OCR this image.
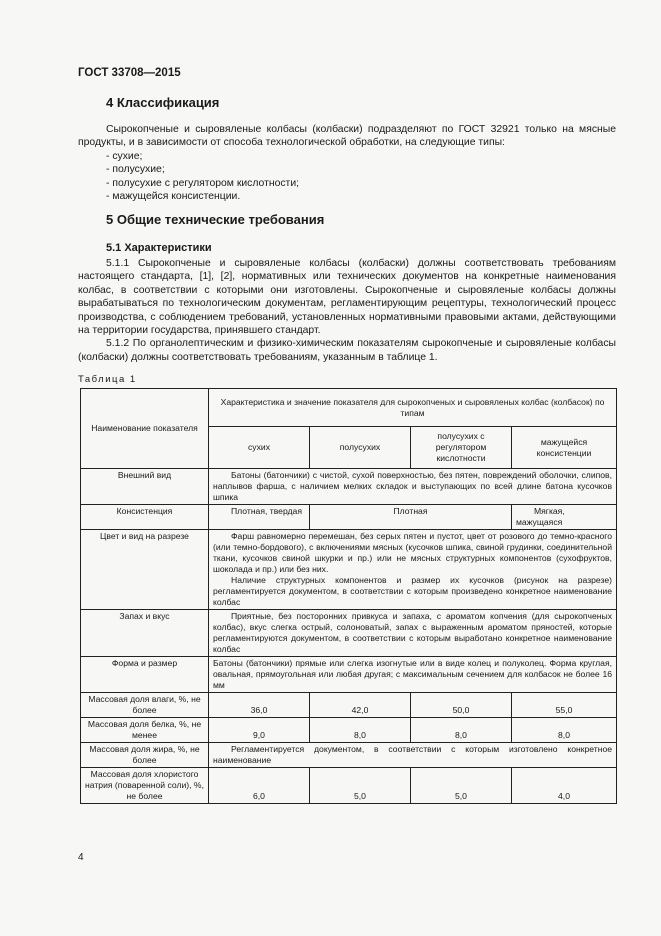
ГОСТ 33708—2015
4 Классификация

Сырокопченые и сыровяленые колбасы (колбаски) подразделяют по ГОСТ 32921 только на мясные продукты, и в зависимости от способа технологической обработки, на следующие типы:

- сухие;
- полусухие;
- полусухие с регулятором кислотности;
- мажущейся консистенции.
5 Общие технические требования
5.1 Характеристики

5.1.1 Сырокопченые и сыровяленые колбасы (колбаски) должны соответствовать требованиям настоящего стандарта, [1], [2], нормативных или технических документов на конкретные наименования колбас, в соответствии с которыми они изготовлены. Сырокопченые и сыровяленые колбасы должны вырабатываться по технологическим документам, регламентирующим рецептуры, технологический процесс производства, с соблюдением требований, установленных нормативными правовыми актами, действующими на территории государства, принявшего стандарт.

5.1.2 По органолептическим и физико-химическим показателям сырокопченые и сыровяленые колбасы (колбаски) должны соответствовать требованиям, указанным в таблице 1.

Таблица 1
Наименование показателя	Характеристика и значение показателя для сырокопченых и сыровяленых колбас (колбасок) по типам			
	сухих	полусухих	полусухих с регулятором кислотности	мажущейся консистенции
Внешний вид	Батоны (батончики) с чистой, сухой поверхностью, без пятен, повреждений оболочки, слипов, наплывов фарша, с наличием мелких складок и выступающих по всей длине батона кусочков шпика			
Консистенция	Плотная, твердая	Плотная		Мягкая, мажущаяся
Цвет и вид на разрезе	Фарш равномерно перемешан, без серых пятен и пустот, цвет от розового до темно-красного (или темно-бордового), с включениями мясных (кусочков шпика, свиной грудинки, соединительной ткани, кусочков свиной шкурки и пр.) или не мясных структурных компонентов (сухофруктов, шоколада и пр.) или без них.
Наличие структурных компонентов и размер их кусочков (рисунок на разрезе) регламентируется документом, в соответствии с которым произведено конкретное наименование колбас			

Запах и вкус	Приятные, без посторонних привкуса и запаха, с ароматом копчения (для сырокопченых колбас), вкус слегка острый, солоноватый, запах с выраженным ароматом пряностей, которые регламентируются документом, в соответствии с которым выработано конкретное наименование колбас			
Форма и размер	Батоны (батончики) прямые или слегка изогнутые или в виде колец и полуколец. Форма круглая, овальная, прямоугольная или любая другая; с максимальным сечением для колбасок не более 16 мм			
Массовая доля влаги, %, не более	36,0	42,0	50,0	55,0
Массовая доля белка, %, не менее	9,0	8,0	8,0	8,0
Массовая доля жира, %, не более	Регламентируется документом, в соответствии с которым изготовлено конкретное наименование			
Массовая доля хлористого натрия (поваренной соли), %, не более	6,0	5,0	5,0	4,0
4
